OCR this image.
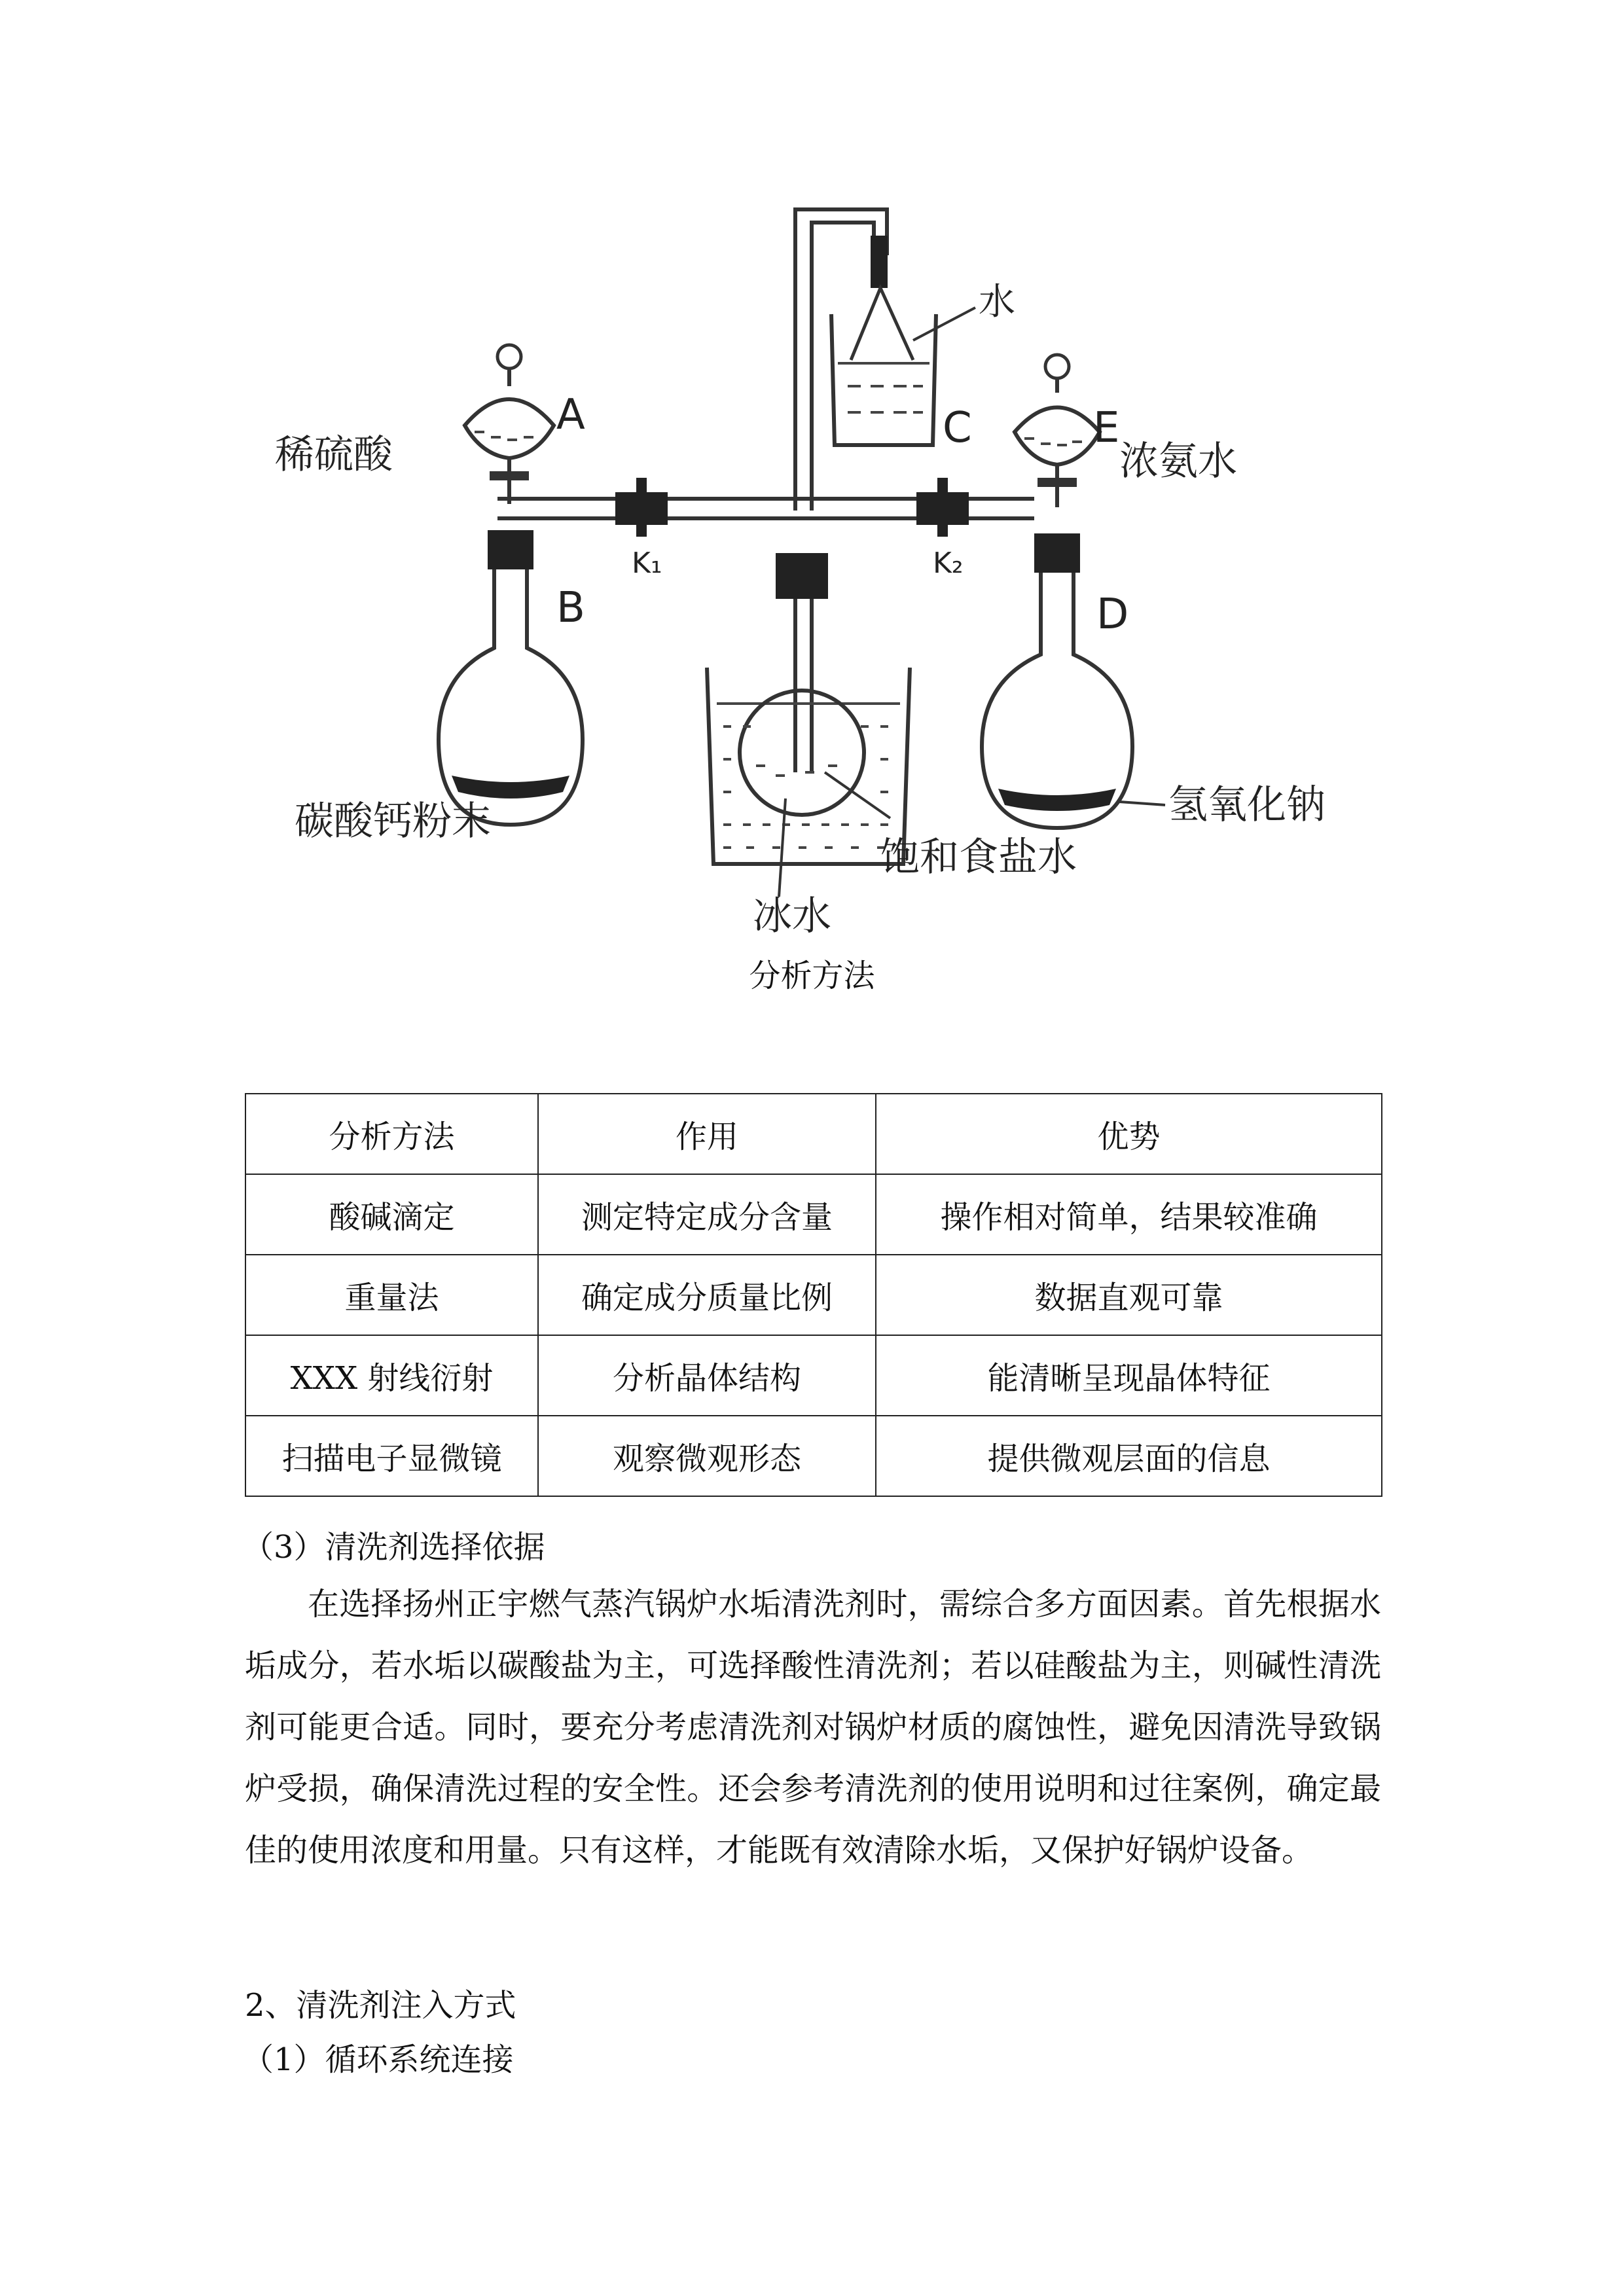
水
C
K₁	K₂
A
稀硫酸
B
碳酸钙粉末
E
浓氨水
D
氢氧化钠
饱和食盐水
冰水
分析方法
分析方法	作用	优势
酸碱滴定	测定特定成分含量	操作相对简单，结果较准确
重量法	确定成分质量比例	数据直观可靠
XXX 射线衍射	分析晶体结构	能清晰呈现晶体特征
扫描电子显微镜	观察微观形态	提供微观层面的信息
（3）清洗剂选择依据

在选择扬州正宇燃气蒸汽锅炉水垢清洗剂时，需综合多方面因素。首先根据水垢成分，若水垢以碳酸盐为主，可选择酸性清洗剂；若以硅酸盐为主，则碱性清洗剂可能更合适。同时，要充分考虑清洗剂对锅炉材质的腐蚀性，避免因清洗导致锅炉受损，确保清洗过程的安全性。还会参考清洗剂的使用说明和过往案例，确定最佳的使用浓度和用量。只有这样，才能既有效清除水垢，又保护好锅炉设备。

2、清洗剂注入方式
（1）循环系统连接
